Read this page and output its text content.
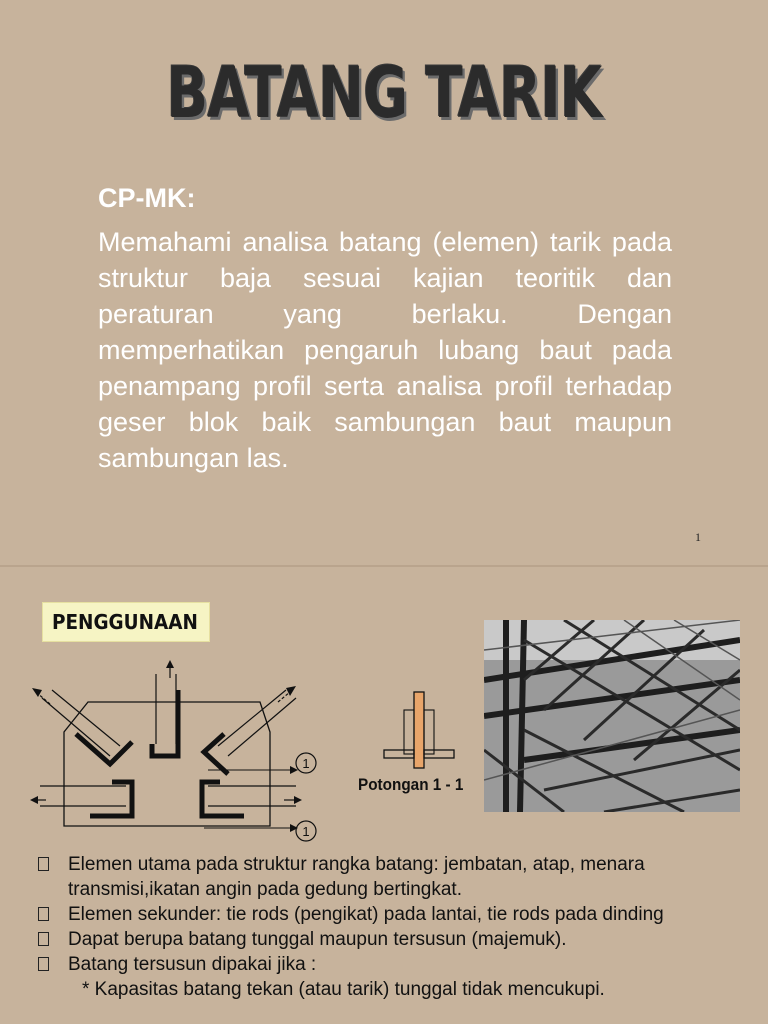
BATANG TARIK
CP-MK:
Memahami analisa batang (elemen) tarik pada struktur baja sesuai kajian teoritik dan peraturan yang berlaku. Dengan memperhatikan pengaruh lubang baut pada penampang profil serta analisa profil terhadap geser blok baik sambungan baut maupun sambungan las.
1
PENGGUNAAN
1
1
Potongan 1 - 1
Elemen utama pada struktur rangka batang: jembatan, atap, menara transmisi,ikatan angin pada gedung bertingkat.
Elemen sekunder: tie rods (pengikat) pada lantai, tie rods pada dinding
Dapat berupa batang tunggal maupun tersusun (majemuk).
Batang tersusun dipakai jika :
* Kapasitas batang tekan (atau tarik) tunggal tidak mencukupi.
